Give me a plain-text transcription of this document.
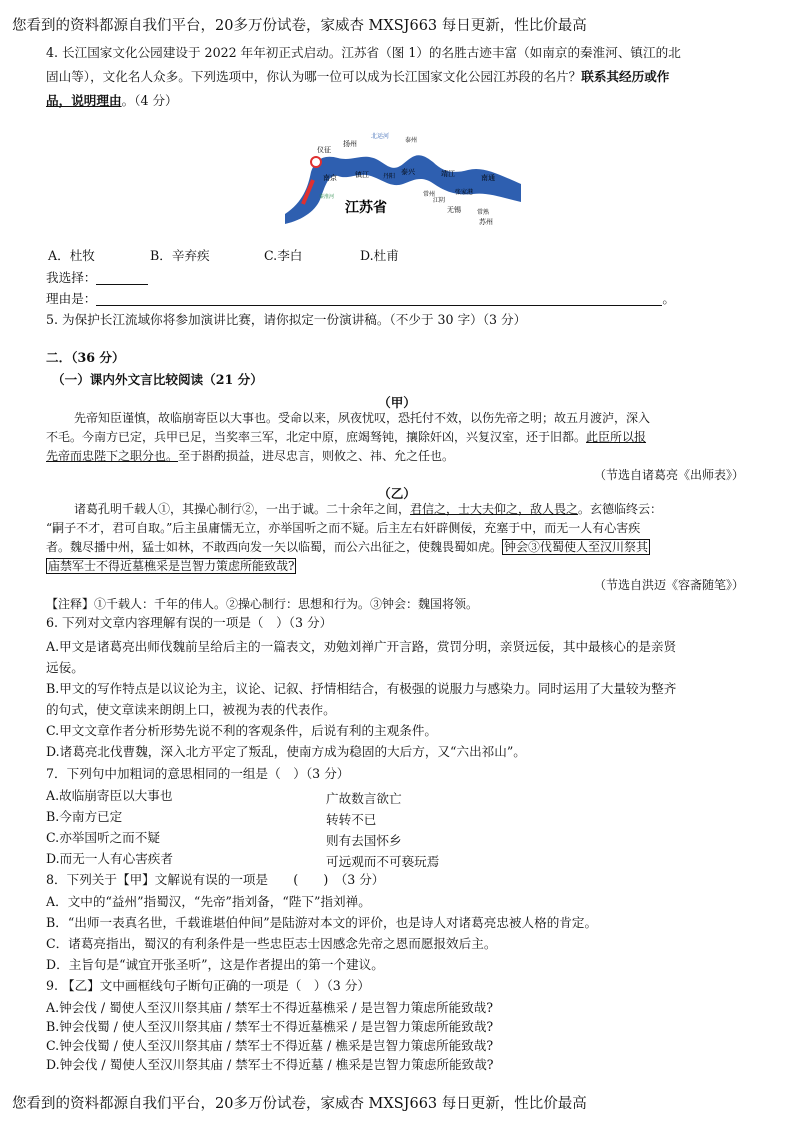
您看到的资料都源自我们平台，20多万份试卷，家威杏 MXSJ663 每日更新，性比价最高
4. 长江国家文化公园建设于 2022 年年初正式启动。江苏省（图 1）的名胜古迹丰富（如南京的秦淮河、镇江的北
固山等），文化名人众多。下列选项中，你认为哪一位可以成为长江国家文化公园江苏段的名片？联系其经历或作
品，说明理由。（4 分）
仪征
扬州
北运河
泰州
泰兴
南京	镇江 丹阳	靖江	南通
张家港
常州
江阴
无锡	常熟
苏州
秦淮河
江苏省
A．杜牧	B．辛弃疾	C.李白	D.杜甫
我选择：
理由是：	。
5. 为保护长江流域你将参加演讲比赛，请你拟定一份演讲稿。（不少于 30 字）（3 分）
二．（36 分）
（一）课内外文言比较阅读（21 分）
（甲）
先帝知臣谨慎，故临崩寄臣以大事也。受命以来，夙夜忧叹，恐托付不效，以伤先帝之明；故五月渡泸，深入
不毛。今南方已定，兵甲已足，当奖率三军，北定中原，庶竭驽钝，攘除奸凶，兴复汉室，还于旧都。此臣所以报
先帝而忠陛下之职分也。至于斟酌损益，进尽忠言，则攸之、祎、允之任也。
（节选自诸葛亮《出师表》）
（乙）
诸葛孔明千载人①，其操心制行②，一出于诚。二十余年之间，君信之，士大夫仰之，敌人畏之。玄德临终云：
“嗣子不才，君可自取。”后主虽庸懦无立，亦举国听之而不疑。后主左右奸辟侧佞，充塞于中，而无一人有心害疾
者。魏尽播中州，猛士如林，不敢西向发一矢以临蜀，而公六出征之，使魏畏蜀如虎。 钟会③伐蜀使人至汉川祭其
庙禁军士不得近墓樵采是岂智力策虑所能致哉?
（节选自洪迈《容斋随笔》）
【注释】①千载人：千年的伟人。②操心制行：思想和行为。③钟会：魏国将领。
6. 下列对文章内容理解有误的一项是（　）（3 分）
A.甲文是诸葛亮出师伐魏前呈给后主的一篇表文，劝勉刘禅广开言路，赏罚分明，亲贤远佞，其中最核心的是亲贤
远佞。
B.甲文的写作特点是以议论为主，议论、记叙、抒情相结合，有极强的说服力与感染力。同时运用了大量较为整齐
的句式，使文章读来朗朗上口，被视为表的代表作。
C.甲文文章作者分析形势先说不利的客观条件，后说有利的主观条件。
D.诸葛亮北伐曹魏，深入北方平定了叛乱，使南方成为稳固的大后方，又“六出祁山”。
7．下列句中加粗词的意思相同的一组是（　）（3 分）
A.故临崩寄臣以大事也	广故数言欲亡
B.今南方已定	转转不已
C.亦举国听之而不疑	则有去国怀乡
D.而无一人有心害疾者	可远观而不可亵玩焉
8．下列关于【甲】文解说有误的一项是　　(　　)　（3 分）
A．文中的“益州”指蜀汉，“先帝”指刘备，“陛下”指刘禅。
B．“出师一表真名世，千载谁堪伯仲间”是陆游对本文的评价，也是诗人对诸葛亮忠被人格的肯定。
C．诸葛亮指出，蜀汉的有利条件是一些忠臣志士因感念先帝之恩而愿报效后主。
D．主旨句是“诚宜开张圣听”，这是作者提出的第一个建议。
9. 【乙】文中画框线句子断句正确的一项是（　）（3 分）
A.钟会伐 / 蜀使人至汉川祭其庙 / 禁军士不得近墓樵采 / 是岂智力策虑所能致哉?
B.钟会伐蜀 / 使人至汉川祭其庙 / 禁军士不得近墓樵采 / 是岂智力策虑所能致哉?
C.钟会伐蜀 / 使人至汉川祭其庙 / 禁军士不得近墓 / 樵采是岂智力策虑所能致哉?
D.钟会伐 / 蜀使人至汉川祭其庙 / 禁军士不得近墓 / 樵采是岂智力策虑所能致哉?
您看到的资料都源自我们平台，20多万份试卷，家威杏 MXSJ663 每日更新，性比价最高
